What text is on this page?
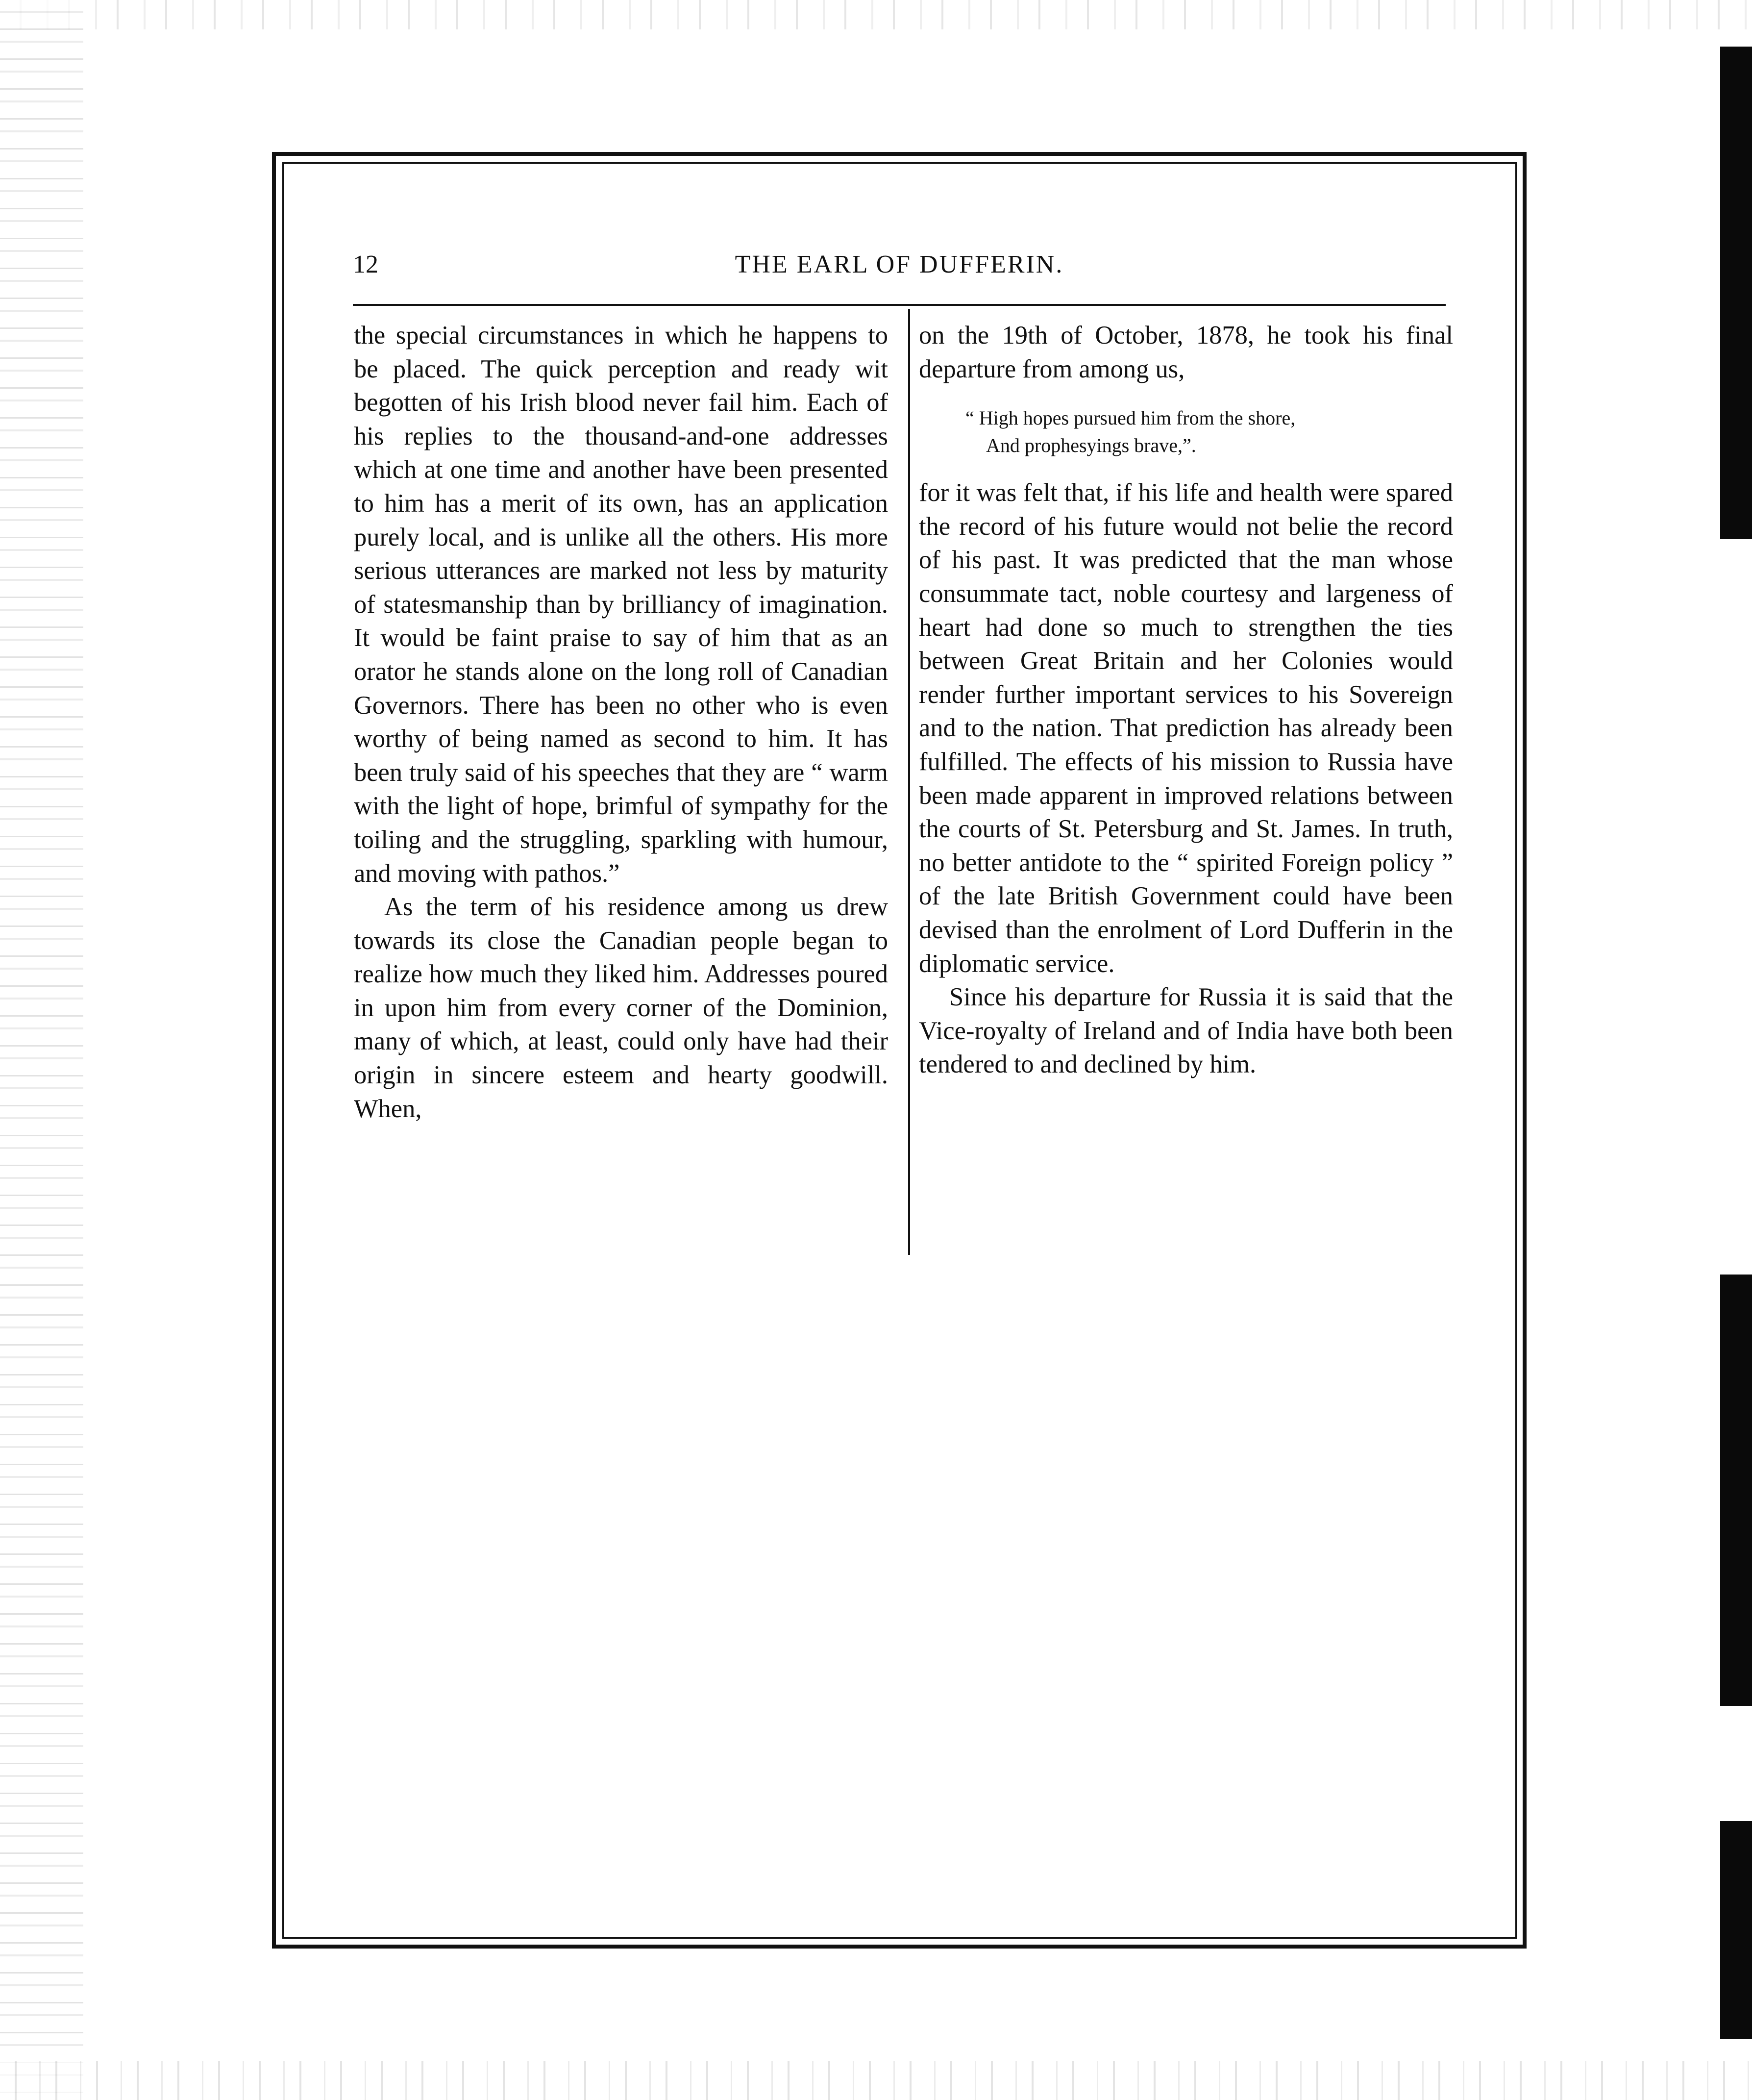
12	THE EARL OF DUFFERIN.

the special circumstances in which he happens to be placed. The quick perception and ready wit begotten of his Irish blood never fail him. Each of his replies to the thousand-and-one addresses which at one time and another have been presented to him has a merit of its own, has an application purely local, and is unlike all the others. His more serious utterances are marked not less by maturity of statesmanship than by brilliancy of imagination. It would be faint praise to say of him that as an orator he stands alone on the long roll of Canadian Governors. There has been no other who is even worthy of being named as second to him. It has been truly said of his speeches that they are “ warm with the light of hope, brimful of sympathy for the toiling and the struggling, sparkling with humour, and moving with pathos.”

As the term of his residence among us drew towards its close the Canadian people began to realize how much they liked him. Addresses poured in upon him from every corner of the Dominion, many of which, at least, could only have had their origin in sincere esteem and hearty goodwill. When,

on the 19th of October, 1878, he took his final departure from among us,

“ High hopes pursued him from the shore,
And prophesyings brave,”.

for it was felt that, if his life and health were spared the record of his future would not belie the record of his past. It was predicted that the man whose consummate tact, noble courtesy and largeness of heart had done so much to strengthen the ties between Great Britain and her Colonies would render further important services to his Sovereign and to the nation. That prediction has already been fulfilled. The effects of his mission to Russia have been made apparent in improved relations between the courts of St. Petersburg and St. James. In truth, no better antidote to the “ spirited Foreign policy ” of the late British Government could have been devised than the enrolment of Lord Dufferin in the diplomatic service.

Since his departure for Russia it is said that the Vice-royalty of Ireland and of India have both been tendered to and declined by him.
